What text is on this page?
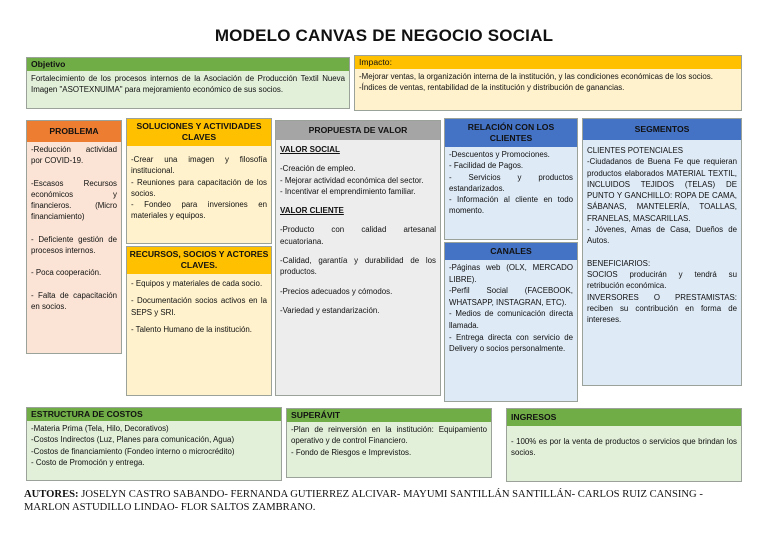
MODELO CANVAS DE NEGOCIO SOCIAL
Objetivo
Fortalecimiento de los procesos internos de la Asociación de Producción Textil Nueva Imagen "ASOTEXNUIMA" para mejoramiento económico de sus socios.
Impacto:
-Mejorar ventas, la organización interna de la institución, y las condiciones económicas de los socios.
-Índices de ventas, rentabilidad de la institución y distribución de ganancias.
PROBLEMA
-Reducción actividad por COVID-19.
-Escasos Recursos económicos y financieros. (Micro financiamiento)
- Deficiente gestión de procesos internos.
- Poca cooperación.
- Falta de capacitación en socios.
SOLUCIONES Y ACTIVIDADES CLAVES
-Crear una imagen y filosofía institucional.
- Reuniones para capacitación de los socios.
- Fondeo para inversiones en materiales y equipos.
RECURSOS, SOCIOS Y ACTORES CLAVES.
- Equipos y materiales de cada socio.
- Documentación socios activos en la SEPS y SRI.
- Talento Humano de la institución.
PROPUESTA DE VALOR
VALOR SOCIAL
-Creación de empleo.
- Mejorar actividad económica del sector.
- Incentivar el emprendimiento familiar.
VALOR CLIENTE
-Producto con calidad artesanal ecuatoriana.
-Calidad, garantía y durabilidad de los productos.
-Precios adecuados y cómodos.
-Variedad y estandarización.
RELACIÓN CON LOS CLIENTES
-Descuentos y Promociones.
- Facilidad de Pagos.
- Servicios y productos estandarizados.
- Información al cliente en todo momento.
CANALES
-Páginas web (OLX, MERCADO LIBRE).
-Perfil Social (FACEBOOK, WHATSAPP, INSTAGRAN, ETC).
- Medios de comunicación directa llamada.
- Entrega directa con servicio de Delivery o socios personalmente.
SEGMENTOS
CLIENTES POTENCIALES
-Ciudadanos de Buena Fe que requieran productos elaborados MATERIAL TEXTIL, INCLUIDOS TEJIDOS (TELAS) DE PUNTO Y GANCHILLO: ROPA DE CAMA, SÁBANAS, MANTELERÍA, TOALLAS, FRANELAS, MASCARILLAS.
- Jóvenes, Amas de Casa, Dueños de Autos.
BENEFICIARIOS:
SOCIOS producirán y tendrá su retribución económica.
INVERSORES O PRESTAMISTAS: reciben su contribución en forma de intereses.
ESTRUCTURA DE COSTOS
-Materia Prima (Tela, Hilo, Decorativos)
-Costos Indirectos (Luz, Planes para comunicación, Agua)
-Costos de financiamiento (Fondeo interno o microcrédito)
- Costo de Promoción y entrega.
SUPERÁVIT
-Plan de reinversión en la institución: Equipamiento operativo y de control Financiero.
- Fondo de Riesgos e Imprevistos.
INGRESOS
- 100% es por la venta de productos o servicios que brindan los socios.
AUTORES: JOSELYN CASTRO SABANDO- FERNANDA GUTIERREZ ALCIVAR- MAYUMI SANTILLÁN SANTILLÁN- CARLOS RUIZ CANSING - MARLON ASTUDILLO LINDAO- FLOR SALTOS ZAMBRANO.
